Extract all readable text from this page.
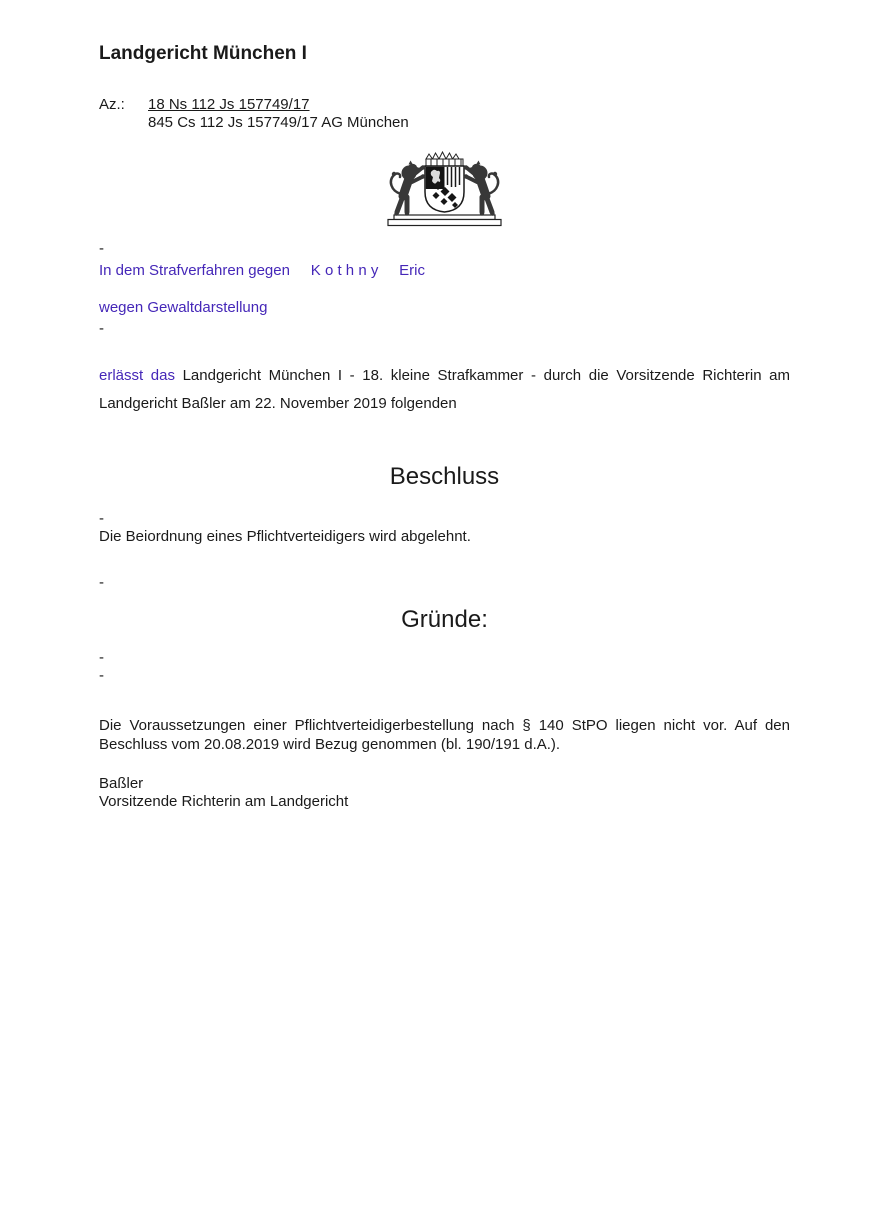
Landgericht München I
Az.:	18 Ns 112 Js 157749/17
845 Cs 112 Js 157749/17 AG München
-

In dem Strafverfahren gegen     K o t h n y     Eric

wegen Gewaltdarstellung

-

erlässt das Landgericht München I - 18. kleine Strafkammer - durch die Vorsitzende Richterin am Landgericht Baßler am 22. November 2019 folgenden

Beschluss
-

Die Beiordnung eines Pflichtverteidigers wird abgelehnt.

-
Gründe:
-
-

Die Voraussetzungen einer Pflichtverteidigerbestellung nach § 140 StPO liegen nicht vor. Auf den Beschluss vom 20.08.2019 wird Bezug genommen (bl. 190/191 d.A.).

Baßler

Vorsitzende Richterin am Landgericht
